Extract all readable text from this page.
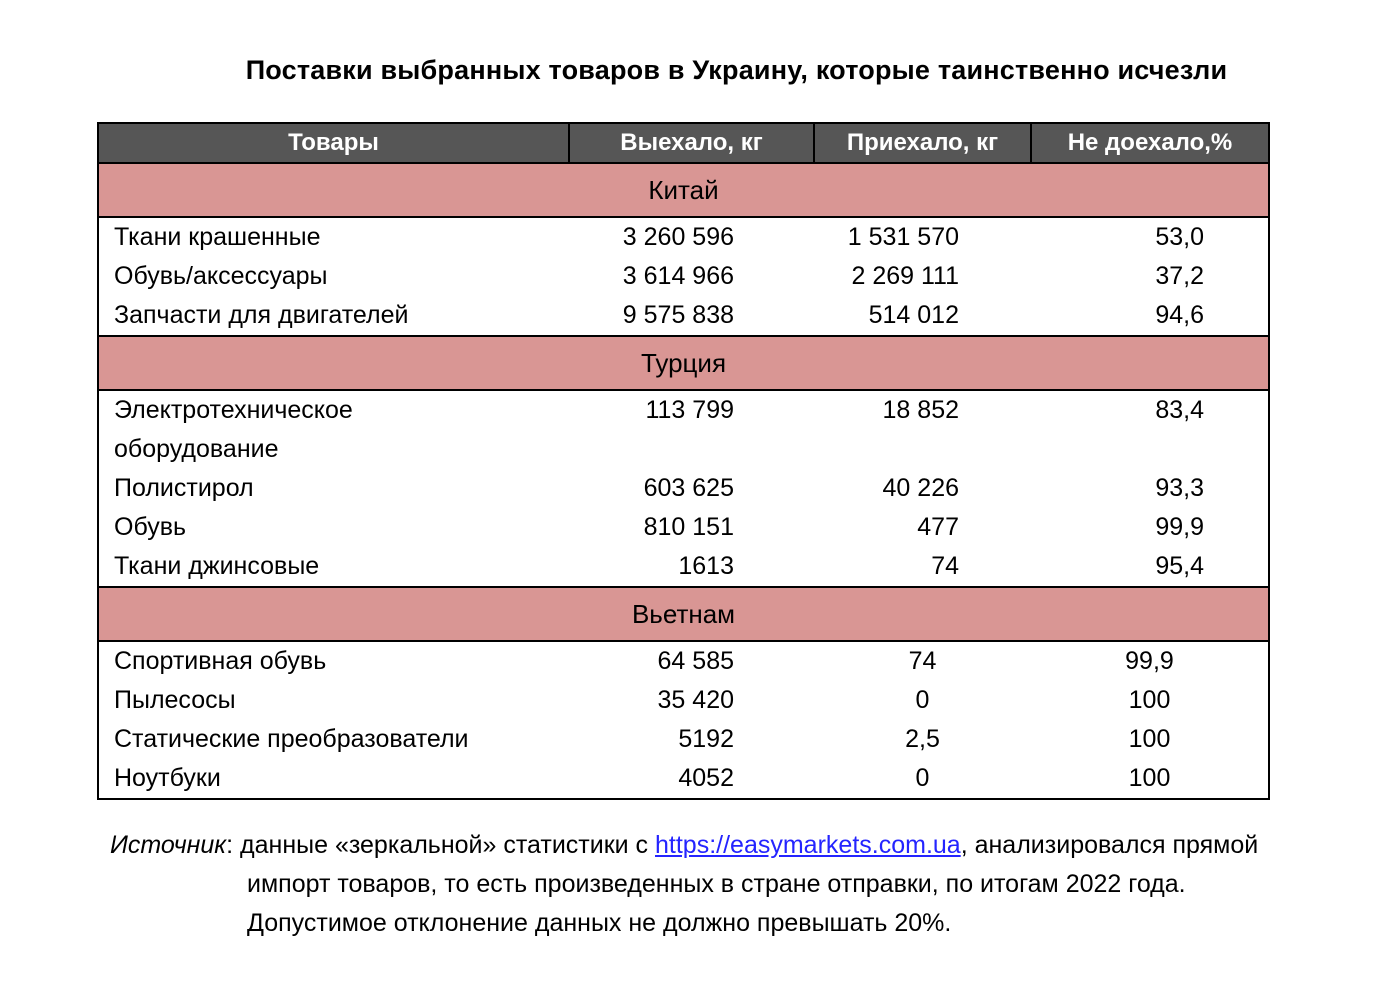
Поставки выбранных товаров в Украину, которые таинственно исчезли
Товары	Выехало, кг	Приехало, кг	Не доехало,%
Китай			
Ткани крашенные	3 260 596	1 531 570	53,0
Обувь/аксессуары	3 614 966	2 269 111	37,2
Запчасти для двигателей	9 575 838	514 012	94,6
Турция			
Электротехническое оборудование	113 799	18 852	83,4
Полистирол	603 625	40 226	93,3
Обувь	810 151	477	99,9
Ткани джинсовые	1613	74	95,4
Вьетнам			
Спортивная обувь	64 585	74	99,9
Пылесосы	35 420	0	100
Статические преобразователи	5192	2,5	100
Ноутбуки	4052	0	100
Источник: данные «зеркальной» статистики с https://easymarkets.com.ua, анализировался прямой
импорт товаров, то есть произведенных в стране отправки, по итогам 2022 года.
Допустимое отклонение данных не должно превышать 20%.
